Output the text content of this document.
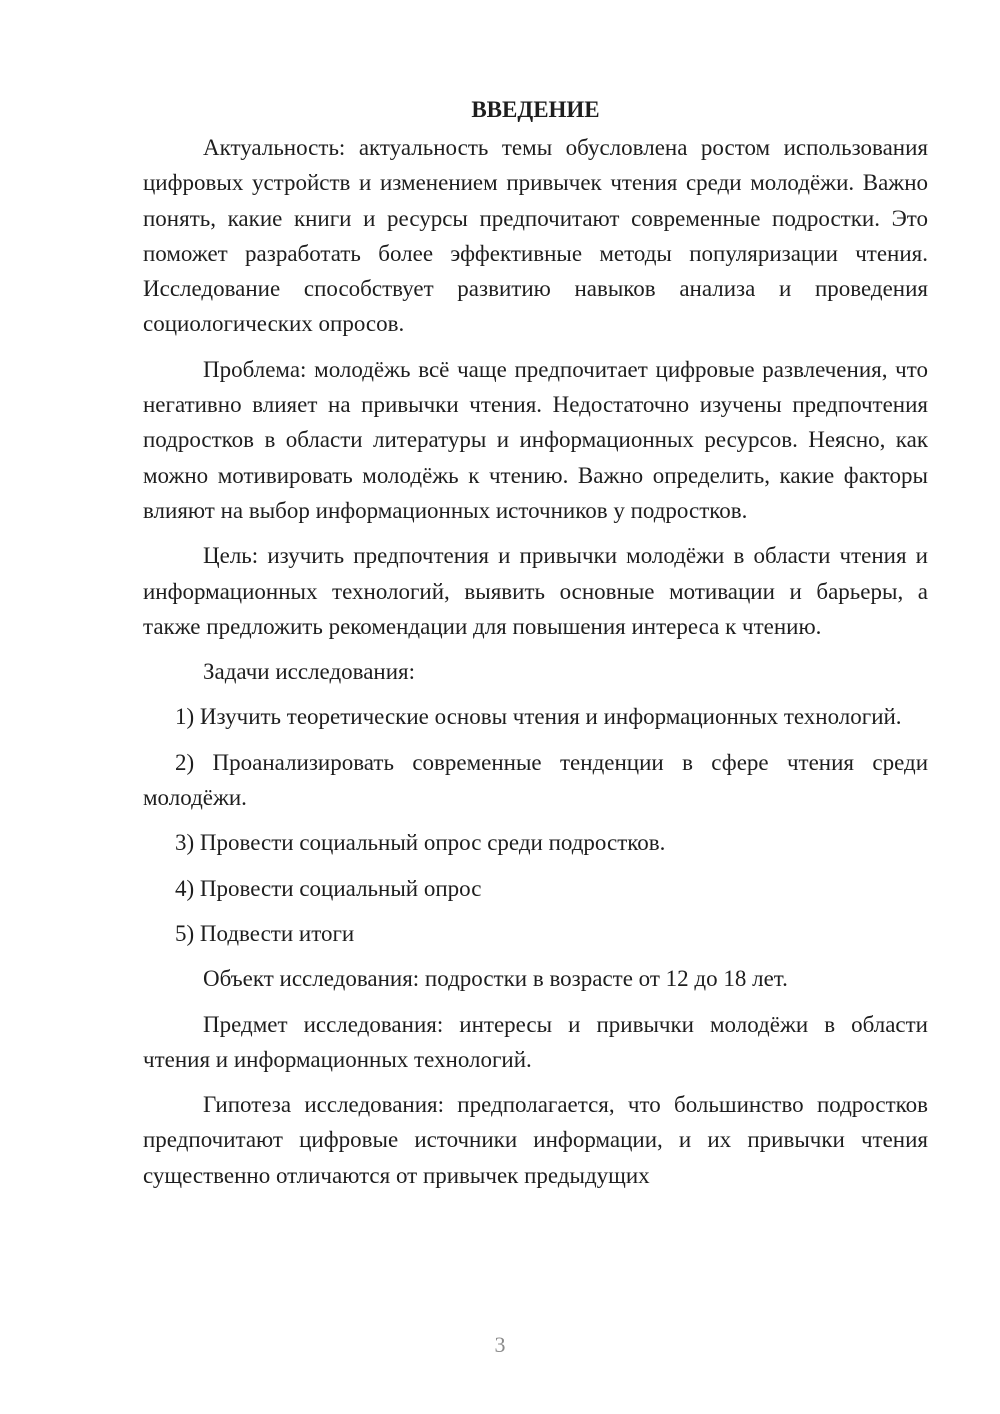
ВВЕДЕНИЕ

Актуальность: актуальность темы обусловлена ростом использования цифровых устройств и изменением привычек чтения среди молодёжи. Важно понять, какие книги и ресурсы предпочитают современные подростки. Это поможет разработать более эффективные методы популяризации чтения. Исследование способствует развитию навыков анализа и проведения социологических опросов.

Проблема: молодёжь всё чаще предпочитает цифровые развлечения, что негативно влияет на привычки чтения. Недостаточно изучены предпочтения подростков в области литературы и информационных ресурсов. Неясно, как можно мотивировать молодёжь к чтению. Важно определить, какие факторы влияют на выбор информационных источников у подростков.

Цель: изучить предпочтения и привычки молодёжи в области чтения и информационных технологий, выявить основные мотивации и барьеры, а также предложить рекомендации для повышения интереса к чтению.

Задачи исследования:

1) Изучить теоретические основы чтения и информационных технологий.

2) Проанализировать современные тенденции в сфере чтения среди молодёжи.

3) Провести социальный опрос среди подростков.

4) Провести социальный опрос

5) Подвести итоги

Объект исследования: подростки в возрасте от 12 до 18 лет.

Предмет исследования: интересы и привычки молодёжи в области чтения и информационных технологий.

Гипотеза исследования: предполагается, что большинство подростков предпочитают цифровые источники информации, и их привычки чтения существенно отличаются от привычек предыдущих

3
